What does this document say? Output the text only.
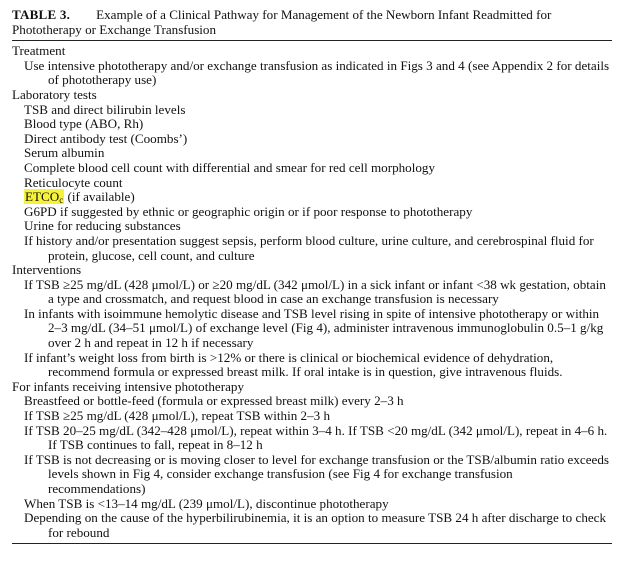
TABLE 3. Example of a Clinical Pathway for Management of the Newborn Infant Readmitted for
Phototherapy or Exchange Transfusion
Treatment
Use intensive phototherapy and/or exchange transfusion as indicated in Figs 3 and 4 (see Appendix 2 for details of phototherapy use)
Laboratory tests
TSB and direct bilirubin levels
Blood type (ABO, Rh)
Direct antibody test (Coombs’)
Serum albumin
Complete blood cell count with differential and smear for red cell morphology
Reticulocyte count
$ETCO_c$ (if available)
G6PD if suggested by ethnic or geographic origin or if poor response to phototherapy
Urine for reducing substances
If history and/or presentation suggest sepsis, perform blood culture, urine culture, and cerebrospinal fluid for protein, glucose, cell count, and culture
Interventions
If TSB ≥25 mg/dL (428 μmol/L) or ≥20 mg/dL (342 μmol/L) in a sick infant or infant <38 wk gestation, obtain a type and crossmatch, and request blood in case an exchange transfusion is necessary
In infants with isoimmune hemolytic disease and TSB level rising in spite of intensive phototherapy or within 2–3 mg/dL (34–51 μmol/L) of exchange level (Fig 4), administer intravenous immunoglobulin 0.5–1 g/kg over 2 h and repeat in 12 h if necessary
If infant’s weight loss from birth is >12% or there is clinical or biochemical evidence of dehydration, recommend formula or expressed breast milk. If oral intake is in question, give intravenous fluids.
For infants receiving intensive phototherapy
Breastfeed or bottle-feed (formula or expressed breast milk) every 2–3 h
If TSB ≥25 mg/dL (428 μmol/L), repeat TSB within 2–3 h
If TSB 20–25 mg/dL (342–428 μmol/L), repeat within 3–4 h. If TSB <20 mg/dL (342 μmol/L), repeat in 4–6 h. If TSB continues to fall, repeat in 8–12 h
If TSB is not decreasing or is moving closer to level for exchange transfusion or the TSB/albumin ratio exceeds levels shown in Fig 4, consider exchange transfusion (see Fig 4 for exchange transfusion recommendations)
When TSB is <13–14 mg/dL (239 μmol/L), discontinue phototherapy
Depending on the cause of the hyperbilirubinemia, it is an option to measure TSB 24 h after discharge to check for rebound
